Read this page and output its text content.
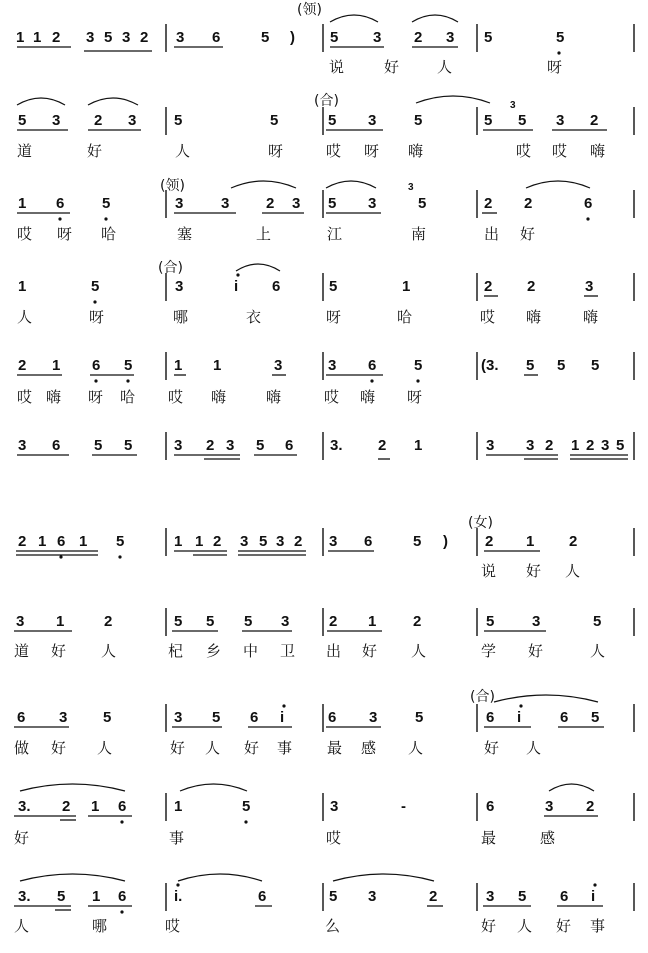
1 1 2 3 5 3 2 3 6	5 ) 5 3 2 3 5	5
说	好	人	呀
(领)
5 3 2 3	5	5	5 3	5	5 5 3 2
道	好	人	呀	哎 呀 嗨	哎 哎 嗨
(合)	3
1 6	5	3	3 2 3 5 3	5	2 2	6
哎 呀 哈	塞	上	江	南	出 好
(领)	3
1	5	3	i 6	5	1	2 2	3
人	呀	哪	衣	呀	哈	哎 嗨	嗨
(合)
2 1 6 5	1 1	3	3 6	5	(3. 5 5 5
哎 嗨 呀 哈 哎 嗨	嗨	哎 嗨 呀
3 6 5 5	3 2 3 5 6 3. 2 1	3 3 2 1 2 3 5
2 1 6 1 5	1 1 2 3 5 3 2 3 6	5 ) 2 1 2
说 好 人
(女)
3 1	2	5 5 5 3	2 1 2	5	3	5
道 好 人	杞 乡 中 卫 出 好 人	学 好	人
6 3 5	3 5 6 i	6 3	5	6 i	6 5
做 好 人	好 人 好 事 最 感 人	好 人
(合)
3. 2 1 6	1	5	3	-	6	3 2
好	事	哎	最	感
3. 5 1 6	i.	6	5 3	2	3 5 6 i
人	哪	哎	么	好 人 好 事
